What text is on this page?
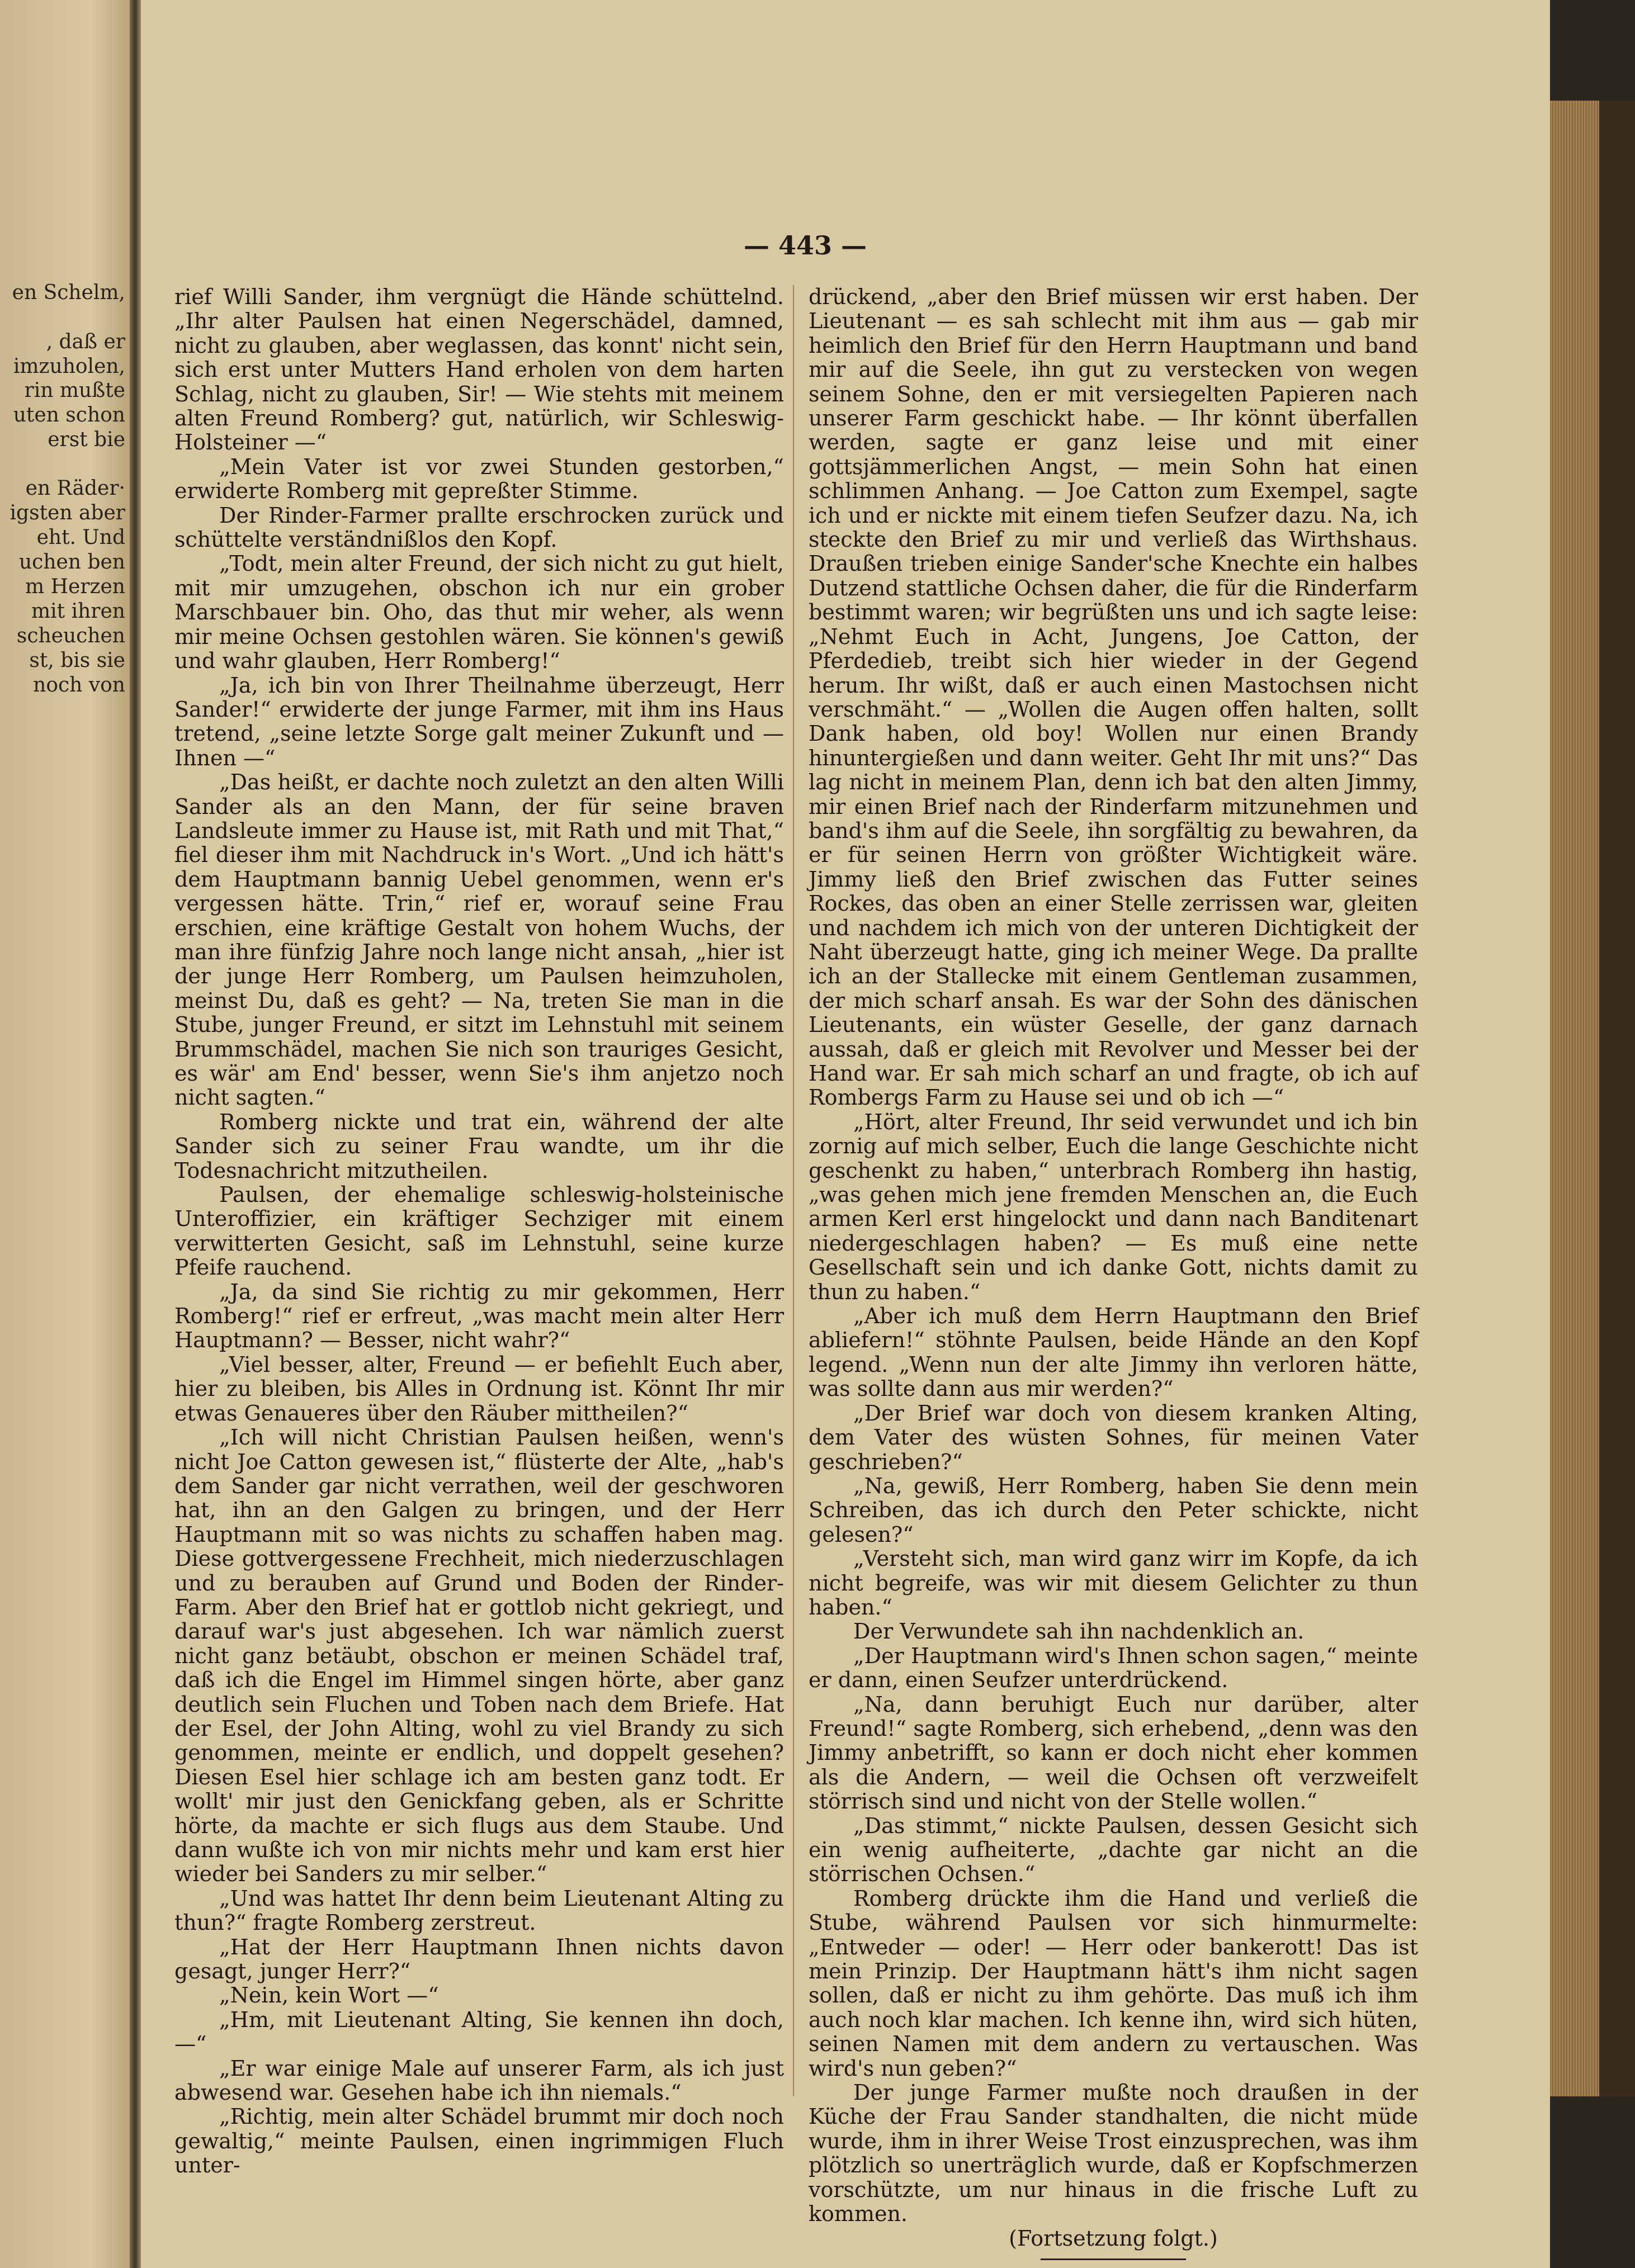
en Schelm,
, daß er
imzuholen,
rin mußte
uten schon
erst bie
en Räder·
igsten aber
eht. Und
uchen ben
m Herzen
mit ihren
scheuchen
st, bis sie
noch von
— 443 —

rief Willi Sander, ihm vergnügt die Hände schüttelnd. „Ihr alter Paulsen hat einen Negerschädel, damned, nicht zu glauben, aber weglassen, das konnt' nicht sein, sich erst unter Mutters Hand erholen von dem harten Schlag, nicht zu glauben, Sir! — Wie stehts mit meinem alten Freund Romberg? gut, natürlich, wir Schleswig-Holsteiner —“

„Mein Vater ist vor zwei Stunden gestorben,“ erwiderte Romberg mit gepreßter Stimme.

Der Rinder-Farmer prallte erschrocken zurück und schüttelte verständnißlos den Kopf.

„Todt, mein alter Freund, der sich nicht zu gut hielt, mit mir umzugehen, obschon ich nur ein grober Marschbauer bin. Oho, das thut mir weher, als wenn mir meine Ochsen gestohlen wären. Sie können's gewiß und wahr glauben, Herr Romberg!“

„Ja, ich bin von Ihrer Theilnahme überzeugt, Herr Sander!“ erwiderte der junge Farmer, mit ihm ins Haus tretend, „seine letzte Sorge galt meiner Zukunft und — Ihnen —“

„Das heißt, er dachte noch zuletzt an den alten Willi Sander als an den Mann, der für seine braven Landsleute immer zu Hause ist, mit Rath und mit That,“ fiel dieser ihm mit Nachdruck in's Wort. „Und ich hätt's dem Hauptmann bannig Uebel genommen, wenn er's vergessen hätte. Trin,“ rief er, worauf seine Frau erschien, eine kräftige Gestalt von hohem Wuchs, der man ihre fünfzig Jahre noch lange nicht ansah, „hier ist der junge Herr Romberg, um Paulsen heimzuholen, meinst Du, daß es geht? — Na, treten Sie man in die Stube, junger Freund, er sitzt im Lehnstuhl mit seinem Brummschädel, machen Sie nich son trauriges Gesicht, es wär' am End' besser, wenn Sie's ihm anjetzo noch nicht sagten.“

Romberg nickte und trat ein, während der alte Sander sich zu seiner Frau wandte, um ihr die Todesnachricht mitzutheilen.

Paulsen, der ehemalige schleswig-holsteinische Unteroffizier, ein kräftiger Sechziger mit einem verwitterten Gesicht, saß im Lehnstuhl, seine kurze Pfeife rauchend.

„Ja, da sind Sie richtig zu mir gekommen, Herr Romberg!“ rief er erfreut, „was macht mein alter Herr Hauptmann? — Besser, nicht wahr?“

„Viel besser, alter, Freund — er befiehlt Euch aber, hier zu bleiben, bis Alles in Ordnung ist. Könnt Ihr mir etwas Genaueres über den Räuber mittheilen?“

„Ich will nicht Christian Paulsen heißen, wenn's nicht Joe Catton gewesen ist,“ flüsterte der Alte, „hab's dem Sander gar nicht verrathen, weil der geschworen hat, ihn an den Galgen zu bringen, und der Herr Hauptmann mit so was nichts zu schaffen haben mag. Diese gottvergessene Frechheit, mich niederzuschlagen und zu berauben auf Grund und Boden der Rinder-Farm. Aber den Brief hat er gottlob nicht gekriegt, und darauf war's just abgesehen. Ich war nämlich zuerst nicht ganz betäubt, obschon er meinen Schädel traf, daß ich die Engel im Himmel singen hörte, aber ganz deutlich sein Fluchen und Toben nach dem Briefe. Hat der Esel, der John Alting, wohl zu viel Brandy zu sich genommen, meinte er endlich, und doppelt gesehen? Diesen Esel hier schlage ich am besten ganz todt. Er wollt' mir just den Genickfang geben, als er Schritte hörte, da machte er sich flugs aus dem Staube. Und dann wußte ich von mir nichts mehr und kam erst hier wieder bei Sanders zu mir selber.“

„Und was hattet Ihr denn beim Lieutenant Alting zu thun?“ fragte Romberg zerstreut.

„Hat der Herr Hauptmann Ihnen nichts davon gesagt, junger Herr?“

„Nein, kein Wort —“

„Hm, mit Lieutenant Alting, Sie kennen ihn doch, —“

„Er war einige Male auf unserer Farm, als ich just abwesend war. Gesehen habe ich ihn niemals.“

„Richtig, mein alter Schädel brummt mir doch noch gewaltig,“ meinte Paulsen, einen ingrimmigen Fluch unter-

drückend, „aber den Brief müssen wir erst haben. Der Lieutenant — es sah schlecht mit ihm aus — gab mir heimlich den Brief für den Herrn Hauptmann und band mir auf die Seele, ihn gut zu verstecken von wegen seinem Sohne, den er mit versiegelten Papieren nach unserer Farm geschickt habe. — Ihr könnt überfallen werden, sagte er ganz leise und mit einer gottsjämmerlichen Angst, — mein Sohn hat einen schlimmen Anhang. — Joe Catton zum Exempel, sagte ich und er nickte mit einem tiefen Seufzer dazu. Na, ich steckte den Brief zu mir und verließ das Wirthshaus. Draußen trieben einige Sander'sche Knechte ein halbes Dutzend stattliche Ochsen daher, die für die Rinderfarm bestimmt waren; wir begrüßten uns und ich sagte leise: „Nehmt Euch in Acht, Jungens, Joe Catton, der Pferdedieb, treibt sich hier wieder in der Gegend herum. Ihr wißt, daß er auch einen Mastochsen nicht verschmäht.“ — „Wollen die Augen offen halten, sollt Dank haben, old boy! Wollen nur einen Brandy hinuntergießen und dann weiter. Geht Ihr mit uns?“ Das lag nicht in meinem Plan, denn ich bat den alten Jimmy, mir einen Brief nach der Rinderfarm mitzunehmen und band's ihm auf die Seele, ihn sorgfältig zu bewahren, da er für seinen Herrn von größter Wichtigkeit wäre. Jimmy ließ den Brief zwischen das Futter seines Rockes, das oben an einer Stelle zerrissen war, gleiten und nachdem ich mich von der unteren Dichtigkeit der Naht überzeugt hatte, ging ich meiner Wege. Da prallte ich an der Stallecke mit einem Gentleman zusammen, der mich scharf ansah. Es war der Sohn des dänischen Lieutenants, ein wüster Geselle, der ganz darnach aussah, daß er gleich mit Revolver und Messer bei der Hand war. Er sah mich scharf an und fragte, ob ich auf Rombergs Farm zu Hause sei und ob ich —“

„Hört, alter Freund, Ihr seid verwundet und ich bin zornig auf mich selber, Euch die lange Geschichte nicht geschenkt zu haben,“ unterbrach Romberg ihn hastig, „was gehen mich jene fremden Menschen an, die Euch armen Kerl erst hingelockt und dann nach Banditenart niedergeschlagen haben? — Es muß eine nette Gesellschaft sein und ich danke Gott, nichts damit zu thun zu haben.“

„Aber ich muß dem Herrn Hauptmann den Brief abliefern!“ stöhnte Paulsen, beide Hände an den Kopf legend. „Wenn nun der alte Jimmy ihn verloren hätte, was sollte dann aus mir werden?“

„Der Brief war doch von diesem kranken Alting, dem Vater des wüsten Sohnes, für meinen Vater geschrieben?“

„Na, gewiß, Herr Romberg, haben Sie denn mein Schreiben, das ich durch den Peter schickte, nicht gelesen?“

„Versteht sich, man wird ganz wirr im Kopfe, da ich nicht begreife, was wir mit diesem Gelichter zu thun haben.“

Der Verwundete sah ihn nachdenklich an.

„Der Hauptmann wird's Ihnen schon sagen,“ meinte er dann, einen Seufzer unterdrückend.

„Na, dann beruhigt Euch nur darüber, alter Freund!“ sagte Romberg, sich erhebend, „denn was den Jimmy anbetrifft, so kann er doch nicht eher kommen als die Andern, — weil die Ochsen oft verzweifelt störrisch sind und nicht von der Stelle wollen.“

„Das stimmt,“ nickte Paulsen, dessen Gesicht sich ein wenig aufheiterte, „dachte gar nicht an die störrischen Ochsen.“

Romberg drückte ihm die Hand und verließ die Stube, während Paulsen vor sich hinmurmelte: „Entweder — oder! — Herr oder bankerott! Das ist mein Prinzip. Der Hauptmann hätt's ihm nicht sagen sollen, daß er nicht zu ihm gehörte. Das muß ich ihm auch noch klar machen. Ich kenne ihn, wird sich hüten, seinen Namen mit dem andern zu vertauschen. Was wird's nun geben?“

Der junge Farmer mußte noch draußen in der Küche der Frau Sander standhalten, die nicht müde wurde, ihm in ihrer Weise Trost einzusprechen, was ihm plötzlich so unerträglich wurde, daß er Kopfschmerzen vorschützte, um nur hinaus in die frische Luft zu kommen.

(Fortsetzung folgt.)
